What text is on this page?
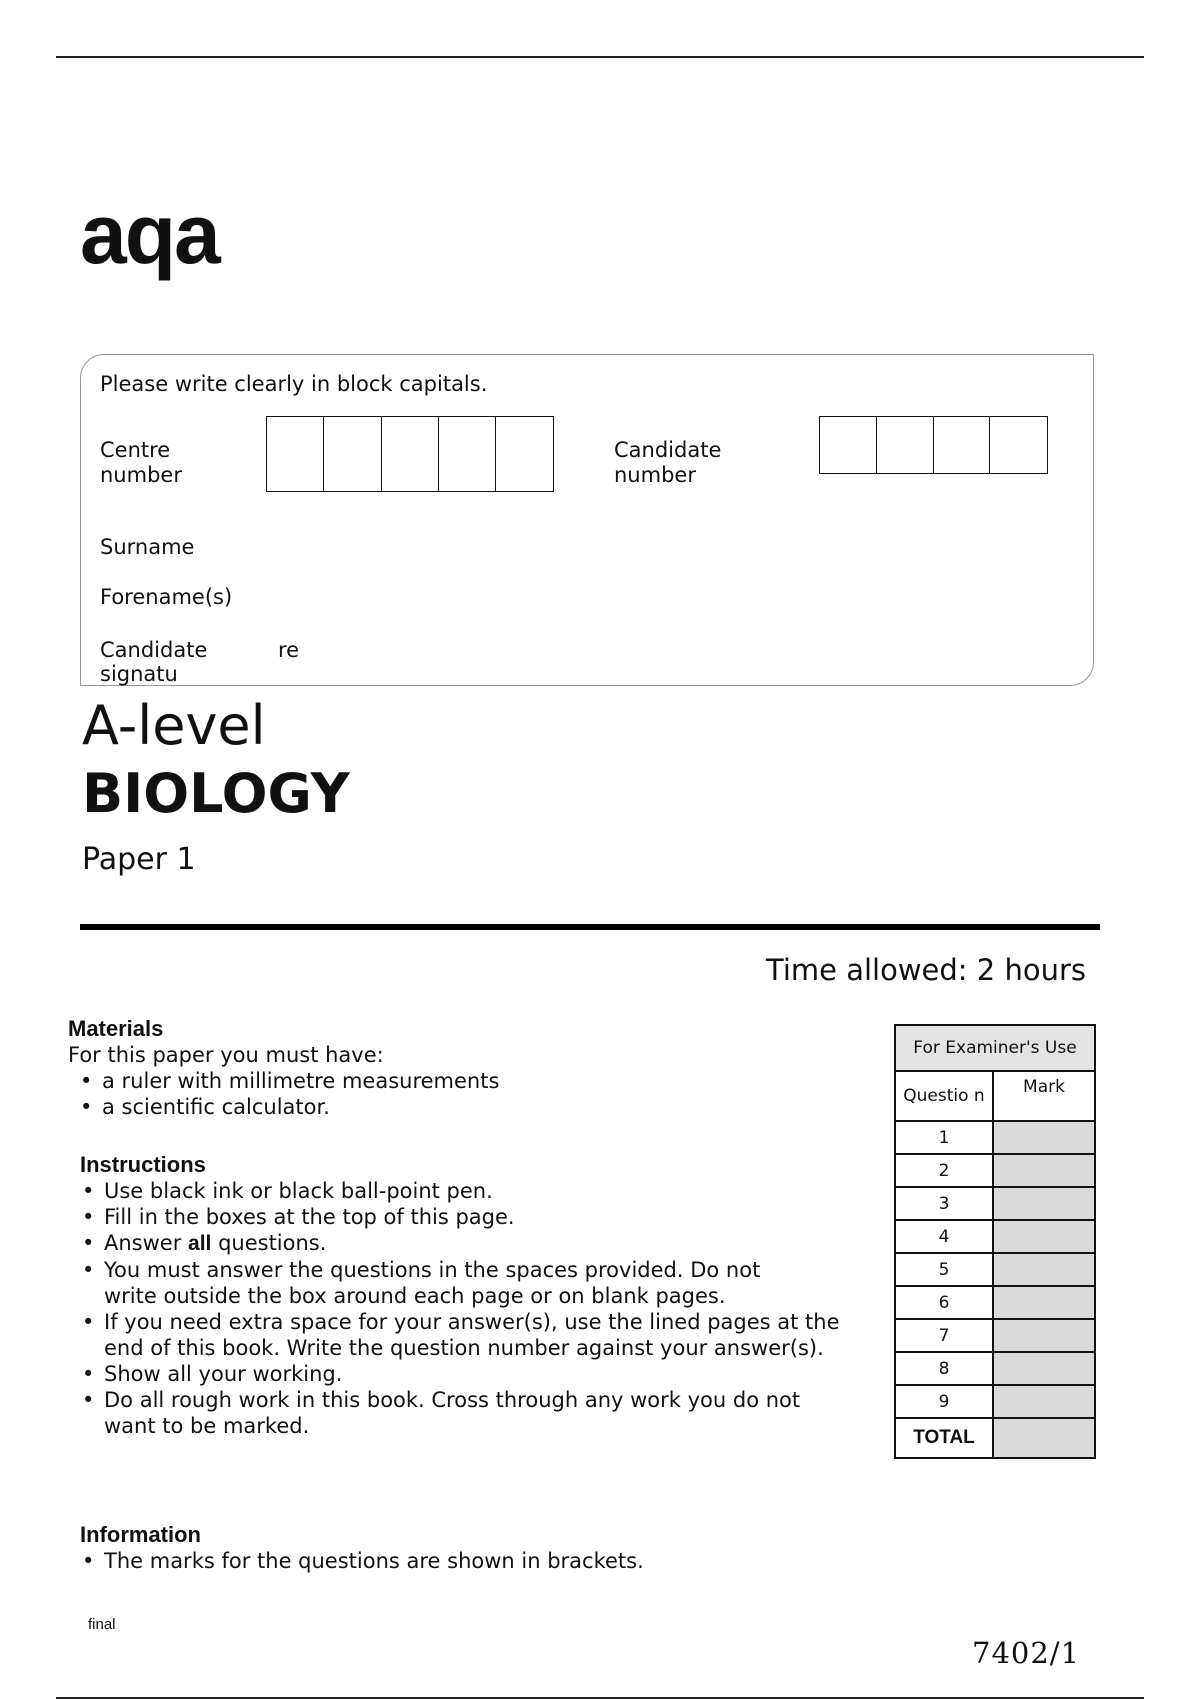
aqa
Please write clearly in block capitals.
Centre
number
Candidate
number
Surname
Forename(s)
Candidate
signatu
re
A-level
BIOLOGY
Paper 1
Time allowed: 2 hours
Materials
For this paper you must have:
• a ruler with millimetre measurements
• a scientific calculator.
Instructions
• Use black ink or black ball-point pen.
• Fill in the boxes at the top of this page.
• Answer all questions.
• You must answer the questions in the spaces provided. Do not write outside the box around each page or on blank pages.
• If you need extra space for your answer(s), use the lined pages at the end of this book. Write the question number against your answer(s).
• Show all your working.
• Do all rough work in this book. Cross through any work you do not want to be marked.
Information
• The marks for the questions are shown in brackets.
For Examiner's Use	
Questio n	Mark
1	
2	
3	
4	
5	
6	
7	
8	
9	
TOTAL	
final
7402/1
